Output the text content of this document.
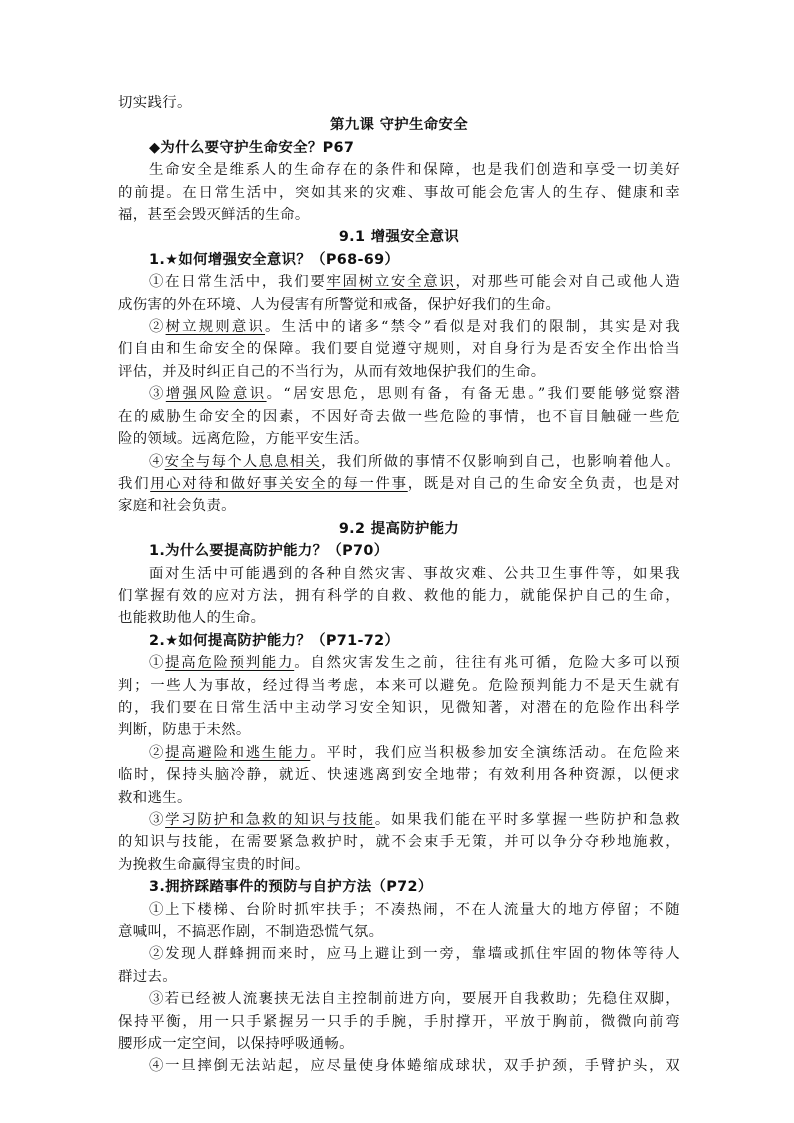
切实践行。
第九课 守护生命安全
◆为什么要守护生命安全？P67
生命安全是维系人的生命存在的条件和保障，也是我们创造和享受一切美好
的前提。在日常生活中，突如其来的灾难、事故可能会危害人的生存、健康和幸
福，甚至会毁灭鲜活的生命。
9.1 增强安全意识
1.★如何增强安全意识？（P68-69）
①在日常生活中，我们要牢固树立安全意识，对那些可能会对自己或他人造
成伤害的外在环境、人为侵害有所警觉和戒备，保护好我们的生命。
②树立规则意识。生活中的诸多“禁令”看似是对我们的限制，其实是对我
们自由和生命安全的保障。我们要自觉遵守规则，对自身行为是否安全作出恰当
评估，并及时纠正自己的不当行为，从而有效地保护我们的生命。
③增强风险意识。“居安思危，思则有备，有备无患。”我们要能够觉察潜
在的威胁生命安全的因素，不因好奇去做一些危险的事情，也不盲目触碰一些危
险的领域。远离危险，方能平安生活。
④安全与每个人息息相关，我们所做的事情不仅影响到自己，也影响着他人。
我们用心对待和做好事关安全的每一件事，既是对自己的生命安全负责，也是对
家庭和社会负责。
9.2 提高防护能力
1.为什么要提高防护能力？（P70）
面对生活中可能遇到的各种自然灾害、事故灾难、公共卫生事件等，如果我
们掌握有效的应对方法，拥有科学的自救、救他的能力，就能保护自己的生命，
也能救助他人的生命。
2.★如何提高防护能力？（P71-72）
①提高危险预判能力。自然灾害发生之前，往往有兆可循，危险大多可以预
判；一些人为事故，经过得当考虑，本来可以避免。危险预判能力不是天生就有
的，我们要在日常生活中主动学习安全知识，见微知著，对潜在的危险作出科学
判断，防患于未然。
②提高避险和逃生能力。平时，我们应当积极参加安全演练活动。在危险来
临时，保持头脑冷静，就近、快速逃离到安全地带；有效利用各种资源，以便求
救和逃生。
③学习防护和急救的知识与技能。如果我们能在平时多掌握一些防护和急救
的知识与技能，在需要紧急救护时，就不会束手无策，并可以争分夺秒地施救，
为挽救生命赢得宝贵的时间。
3.拥挤踩踏事件的预防与自护方法（P72）
①上下楼梯、台阶时抓牢扶手；不凑热闹，不在人流量大的地方停留；不随
意喊叫，不搞恶作剧，不制造恐慌气氛。
②发现人群蜂拥而来时，应马上避让到一旁，靠墙或抓住牢固的物体等待人
群过去。
③若已经被人流裹挟无法自主控制前进方向，要展开自我救助；先稳住双脚，
保持平衡，用一只手紧握另一只手的手腕，手肘撑开，平放于胸前，微微向前弯
腰形成一定空间，以保持呼吸通畅。
④一旦摔倒无法站起，应尽量使身体蜷缩成球状，双手护颈，手臂护头，双
